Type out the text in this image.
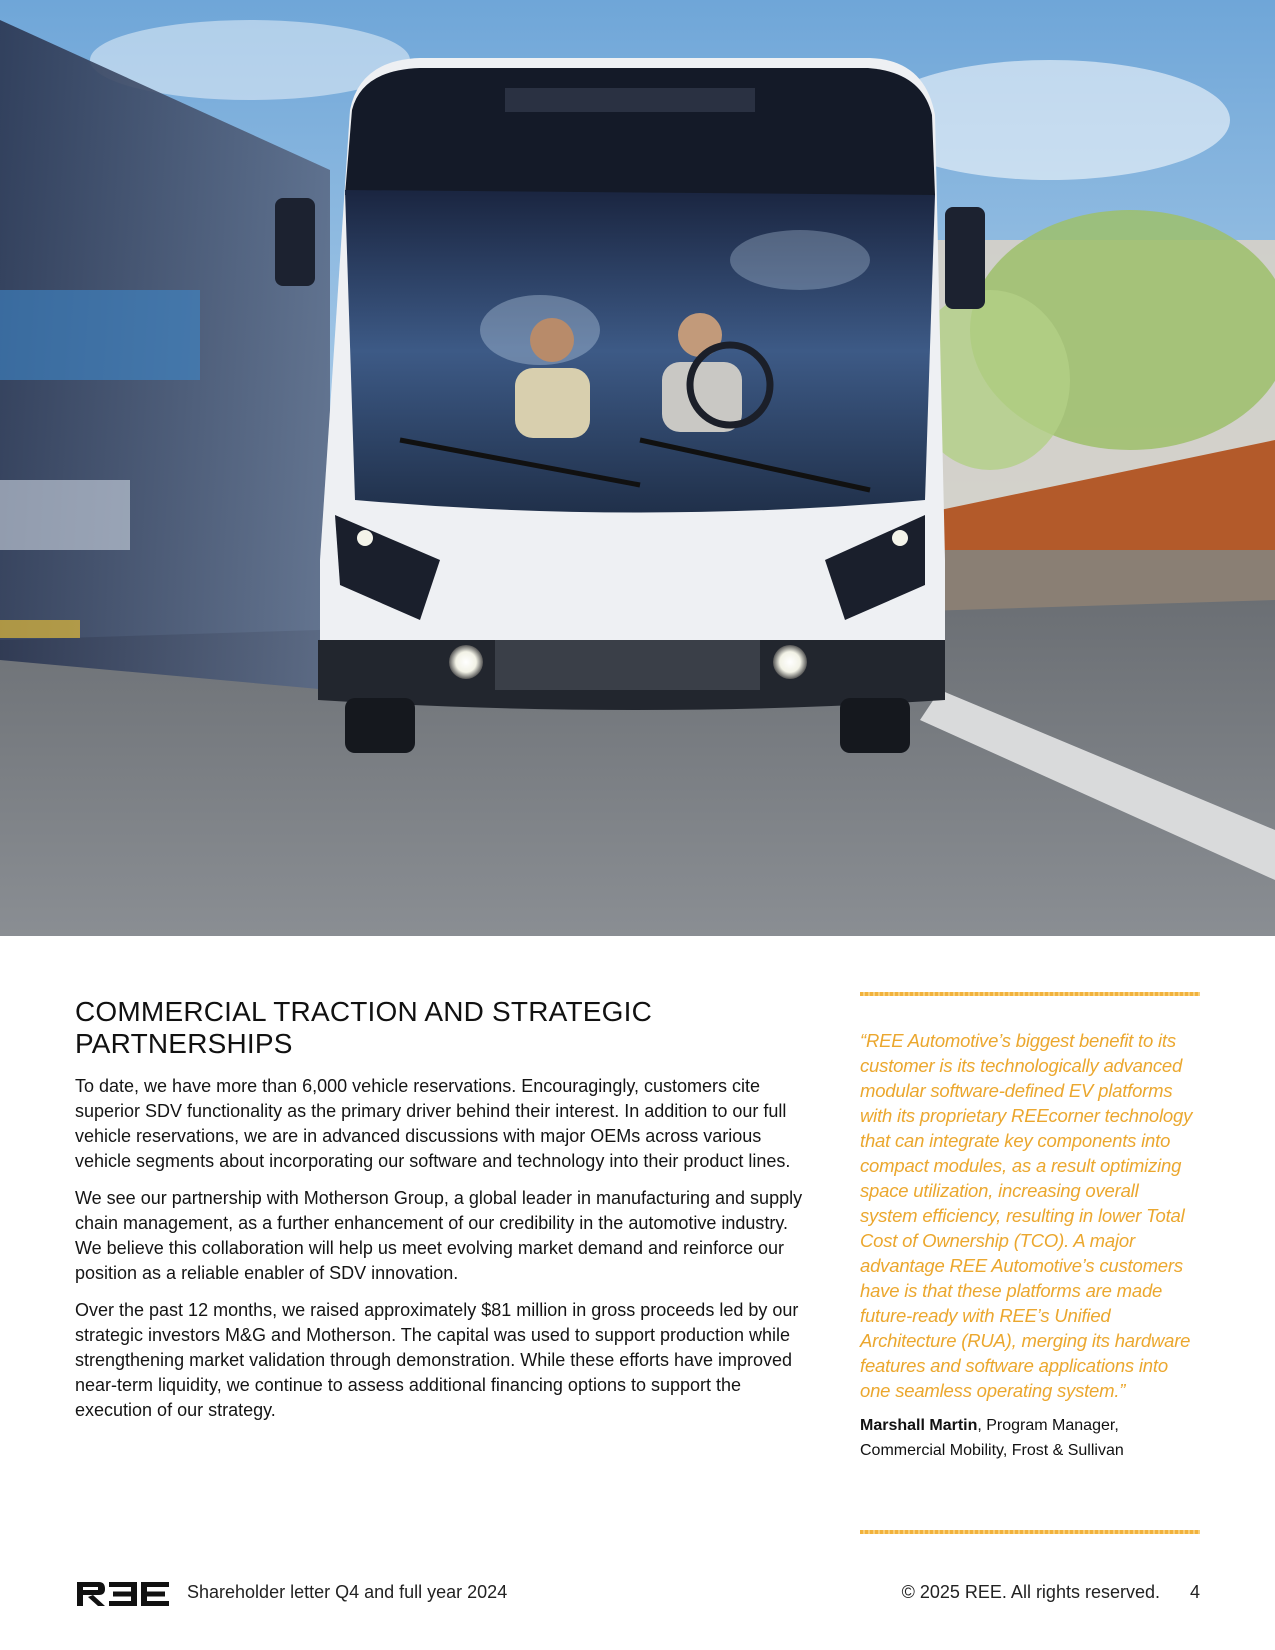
COMMERCIAL TRACTION AND STRATEGIC PARTNERSHIPS

To date, we have more than 6,000 vehicle reservations. Encouragingly, customers cite superior SDV functionality as the primary driver behind their interest. In addition to our full vehicle reservations, we are in advanced discussions with major OEMs across various vehicle segments about incorporating our software and technology into their product lines.

We see our partnership with Motherson Group, a global leader in manufacturing and supply chain management, as a further enhancement of our credibility in the automotive industry. We believe this collaboration will help us meet evolving market demand and reinforce our position as a reliable enabler of SDV innovation.

Over the past 12 months, we raised approximately $81 million in gross proceeds led by our strategic investors M&G and Motherson. The capital was used to support production while strengthening market validation through demonstration. While these efforts have improved near-term liquidity, we continue to assess additional financing options to support the execution of our strategy.

“REE Automotive’s biggest benefit to its customer is its technologically advanced modular software-defined EV platforms with its proprietary REEcorner technology that can integrate key components into compact modules, as a result optimizing space utilization, increasing overall system efficiency, resulting in lower Total Cost of Ownership (TCO). A major advantage REE Automotive’s customers have is that these platforms are made future-ready with REE’s Unified Architecture (RUA), merging its hardware features and software applications into one seamless operating system.”

Marshall Martin, Program Manager, Commercial Mobility, Frost & Sullivan
Shareholder letter Q4 and full year 2024	© 2025 REE. All rights reserved. 4
